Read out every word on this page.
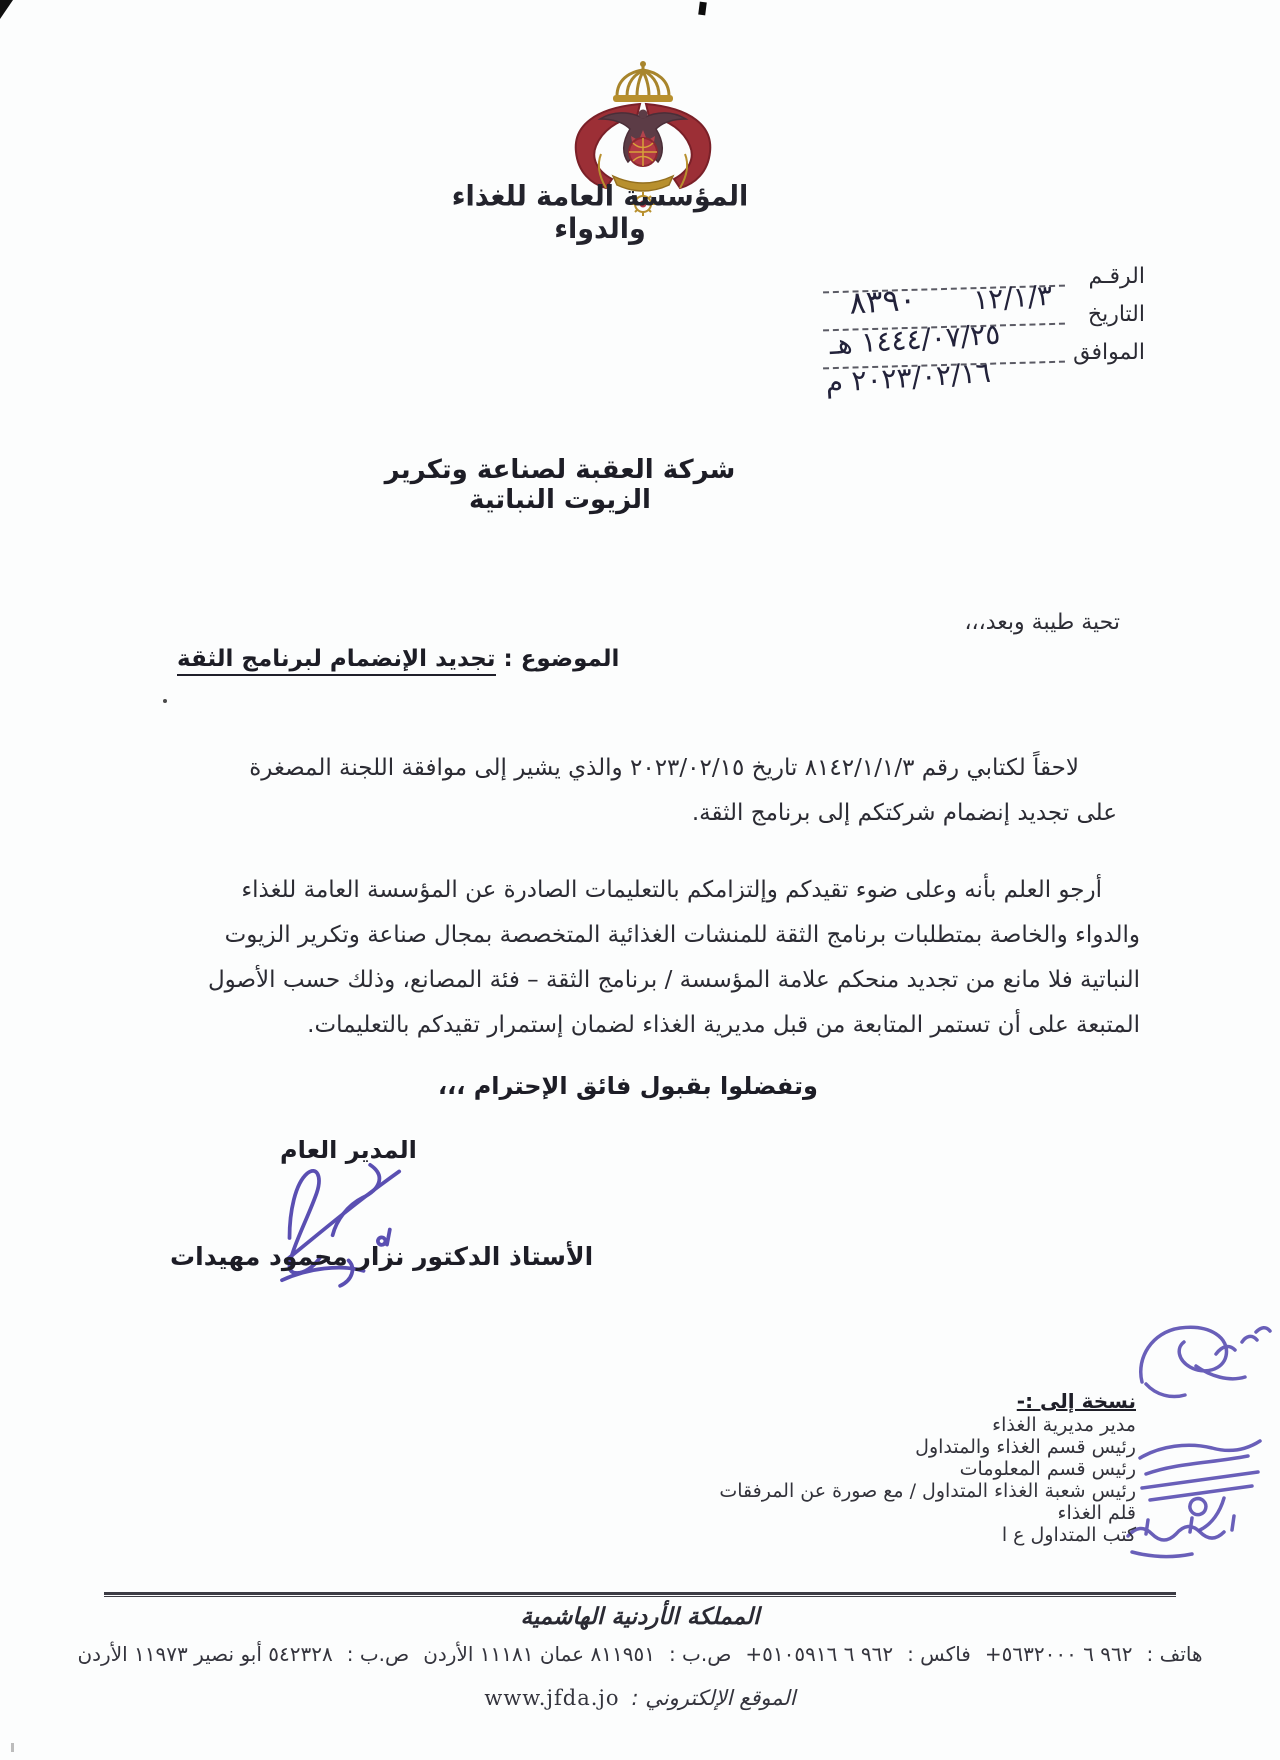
المؤسسة العامة للغذاء والدواء
الرقـم
٨٣٩٠ ١٢/١/٣ التاريخ
١٤٤٤/٠٧/٢٥ هـ	الموافق
٢٠٢٣/٠٢/١٦ م
شركة العقبة لصناعة وتكرير الزيوت النباتية
تحية طيبة وبعد،،،
الموضوع : تجديد الإنضمام لبرنامج الثقة
لاحقاً لكتابي رقم ٨١٤٢/١/١/٣ تاريخ ٢٠٢٣/٠٢/١٥ والذي يشير إلى موافقة اللجنة المصغرة
على تجديد إنضمام شركتكم إلى برنامج الثقة.
أرجو العلم بأنه وعلى ضوء تقيدكم وإلتزامكم بالتعليمات الصادرة عن المؤسسة العامة للغذاء
والدواء والخاصة بمتطلبات برنامج الثقة للمنشات الغذائية المتخصصة بمجال صناعة وتكرير الزيوت
النباتية فلا مانع من تجديد منحكم علامة المؤسسة / برنامج الثقة – فئة المصانع، وذلك حسب الأصول
المتبعة على أن تستمر المتابعة من قبل مديرية الغذاء لضمان إستمرار تقيدكم بالتعليمات.
وتفضلوا بقبول فائق الإحترام ،،،
المدير العام
الأستاذ الدكتور نزار محمود مهيدات
نسخة إلى :-
مدير مديرية الغذاء
رئيس قسم الغذاء والمتداول
رئيس قسم المعلومات
رئيس شعبة الغذاء المتداول / مع صورة عن المرفقات
قلم الغذاء
كتب المتداول ع ا
المملكة الأردنية الهاشمية
هاتف :
+٩٦٢ ٦ ٥٦٣٢٠٠٠
فاكس :
+٩٦٢ ٦ ٥١٠٥٩١٦
ص.ب :
٨١١٩٥١ عمان ١١١٨١ الأردن
ص.ب :
٥٤٢٣٢٨ أبو نصير ١١٩٧٣ الأردن
الموقع الإلكتروني :
www.jfda.jo
